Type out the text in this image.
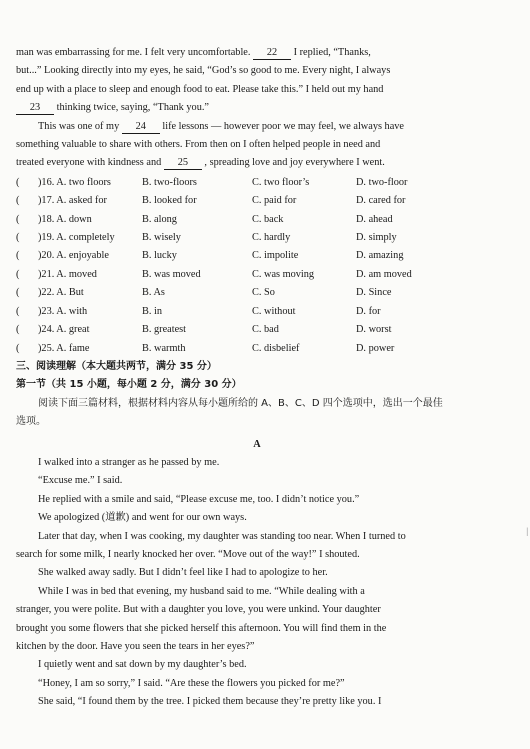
man was embarrassing for me. I felt very uncomfortable. 22 I replied, “Thanks,

but...” Looking directly into my eyes, he said, “God’s so good to me. Every night, I always

end up with a place to sleep and enough food to eat. Please take this.” I held out my hand

23 thinking twice, saying, “Thank you.”

This was one of my 24 life lessons — however poor we may feel, we always have

something valuable to share with others. From then on I often helped people in need and

treated everyone with kindness and 25 , spreading love and joy everywhere I went.

(	)16. A. two floors	B. two-floors	C. two floor’s	D. two-floor
(	)17. A. asked for	B. looked for	C. paid for	D. cared for
(	)18. A. down	B. along	C. back	D. ahead
(	)19. A. completely	B. wisely	C. hardly	D. simply
(	)20. A. enjoyable	B. lucky	C. impolite	D. amazing
(	)21. A. moved	B. was moved	C. was moving	D. am moved
(	)22. A. But	B. As	C. So	D. Since
(	)23. A. with	B. in	C. without	D. for
(	)24. A. great	B. greatest	C. bad	D. worst
(	)25. A. fame	B. warmth	C. disbelief	D. power

三、阅读理解（本大题共两节，满分 35 分）

第一节（共 15 小题，每小题 2 分，满分 30 分）

阅读下面三篇材料，根据材料内容从每小题所给的 A、B、C、D 四个选项中，选出一个最佳

选项。

A

I walked into a stranger as he passed by me.

“Excuse me.” I said.

He replied with a smile and said, “Please excuse me, too. I didn’t notice you.”

We apologized (道歉) and went for our own ways.

Later that day, when I was cooking, my daughter was standing too near. When I turned to

search for some milk, I nearly knocked her over. “Move out of the way!” I shouted.

She walked away sadly. But I didn’t feel like I had to apologize to her.

While I was in bed that evening, my husband said to me. “While dealing with a

stranger, you were polite. But with a daughter you love, you were unkind. Your daughter

brought you some flowers that she picked herself this afternoon. You will find them in the

kitchen by the door. Have you seen the tears in her eyes?”

I quietly went and sat down by my daughter’s bed.

“Honey, I am so sorry,” I said. “Are these the flowers you picked for me?”

She said, “I found them by the tree. I picked them because they’re pretty like you. I

|
